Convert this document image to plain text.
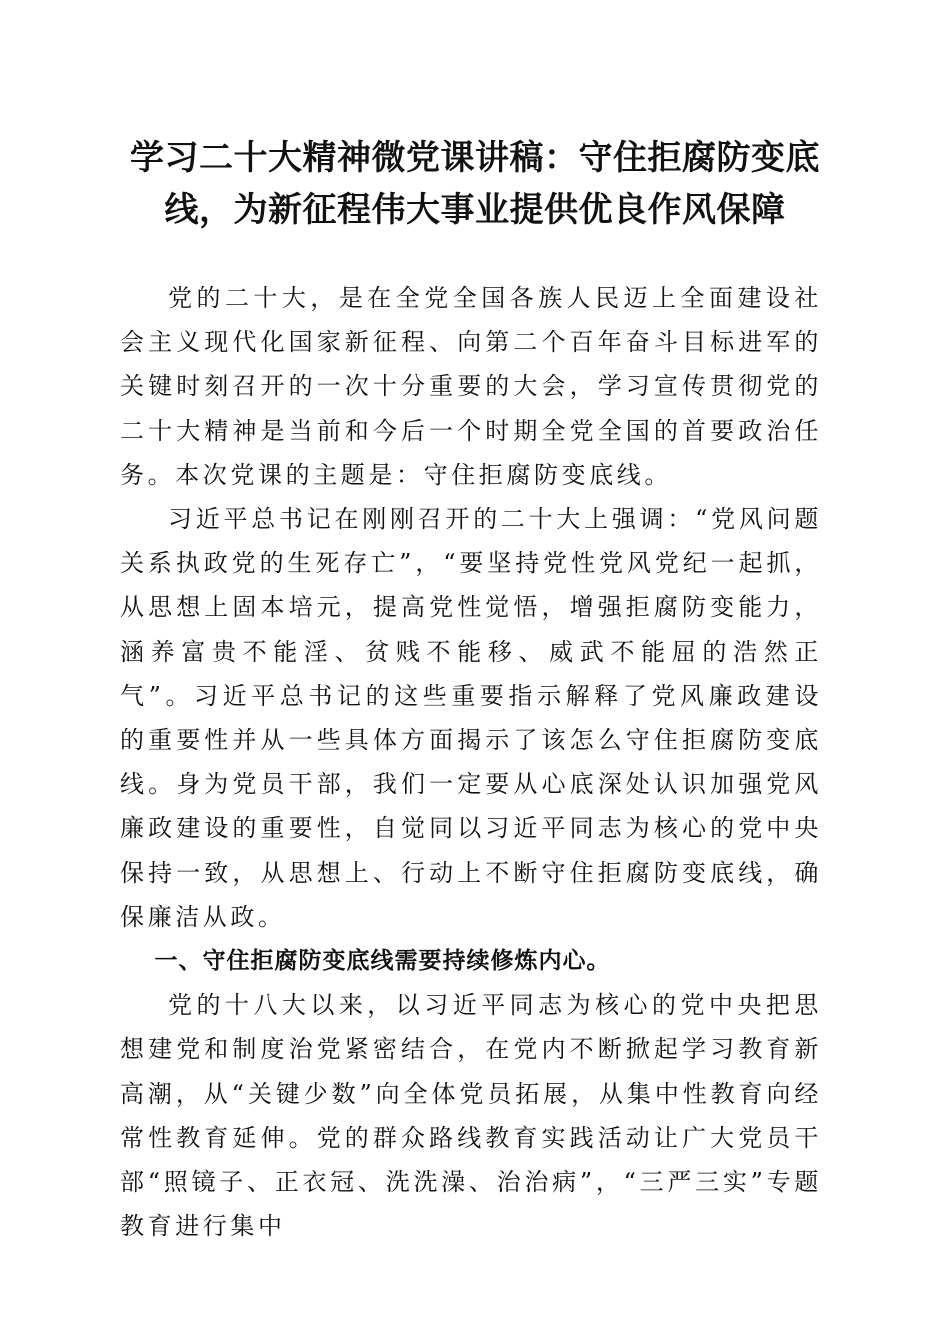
学习二十大精神微党课讲稿：守住拒腐防变底线，为新征程伟大事业提供优良作风保障

党的二十大，是在全党全国各族人民迈上全面建设社会主义现代化国家新征程、向第二个百年奋斗目标进军的关键时刻召开的一次十分重要的大会，学习宣传贯彻党的二十大精神是当前和今后一个时期全党全国的首要政治任务。本次党课的主题是：守住拒腐防变底线。

习近平总书记在刚刚召开的二十大上强调：“党风问题关系执政党的生死存亡”，“要坚持党性党风党纪一起抓，从思想上固本培元，提高党性觉悟，增强拒腐防变能力，涵养富贵不能淫、贫贱不能移、威武不能屈的浩然正气”。习近平总书记的这些重要指示解释了党风廉政建设的重要性并从一些具体方面揭示了该怎么守住拒腐防变底线。身为党员干部，我们一定要从心底深处认识加强党风廉政建设的重要性，自觉同以习近平同志为核心的党中央保持一致，从思想上、行动上不断守住拒腐防变底线，确保廉洁从政。

一、守住拒腐防变底线需要持续修炼内心。

党的十八大以来，以习近平同志为核心的党中央把思想建党和制度治党紧密结合，在党内不断掀起学习教育新高潮，从“关键少数”向全体党员拓展，从集中性教育向经常性教育延伸。党的群众路线教育实践活动让广大党员干部“照镜子、正衣冠、洗洗澡、治治病”，“三严三实”专题教育进行集中
